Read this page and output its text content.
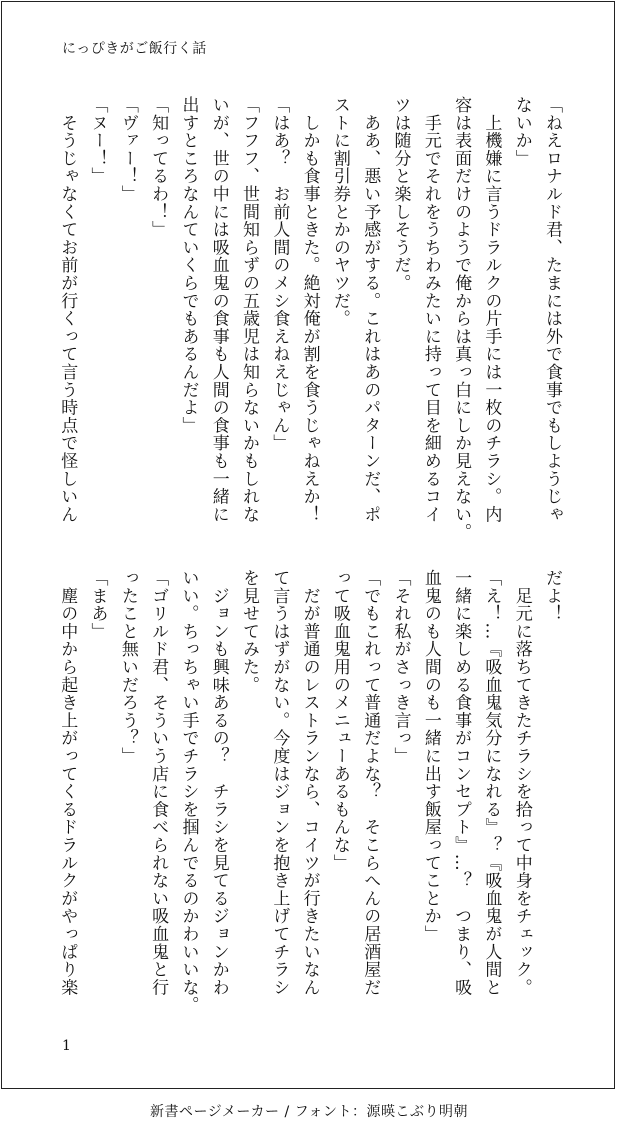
にっぴきがご飯行く話
「ねえロナルド君、たまには外で食事でもしようじゃ
ないか」
　上機嫌に言うドラルクの片手には一枚のチラシ。内
容は表面だけのようで俺からは真っ白にしか見えない。
　手元でそれをうちわみたいに持って目を細めるコイ
ツは随分と楽しそうだ。
　ああ、悪い予感がする。これはあのパターンだ、ポ
ストに割引券とかのヤツだ。
　しかも食事ときた。絶対俺が割を食うじゃねえか！
「はあ？　お前人間のメシ食えねえじゃん」
「フフフ、世間知らずの五歳児は知らないかもしれな
いが、世の中には吸血鬼の食事も人間の食事も一緒に
出すところなんていくらでもあるんだよ」
「知ってるわ！」
「ヴァー！」
「ヌー！」
　そうじゃなくてお前が行くって言う時点で怪しいん
だよ！
　足元に落ちてきたチラシを拾って中身をチェック。
「え！…『吸血鬼気分になれる』？『吸血鬼が人間と
一緒に楽しめる食事がコンセプト』…？　つまり、吸
血鬼のも人間のも一緒に出す飯屋ってことか」
「それ私がさっき言っ」
「でもこれって普通だよな？　そこらへんの居酒屋だ
って吸血鬼用のメニューあるもんな」
　だが普通のレストランなら、コイツが行きたいなん
て言うはずがない。今度はジョンを抱き上げてチラシ
を見せてみた。
　ジョンも興味あるの？　チラシを見てるジョンかわ
いい。ちっちゃい手でチラシを掴んでるのかわいいな。
「ゴリルド君、そういう店に食べられない吸血鬼と行
ったこと無いだろう？」
「まあ」
　塵の中から起き上がってくるドラルクがやっぱり楽
1
新書ページメーカー / フォント：源暎こぶり明朝
